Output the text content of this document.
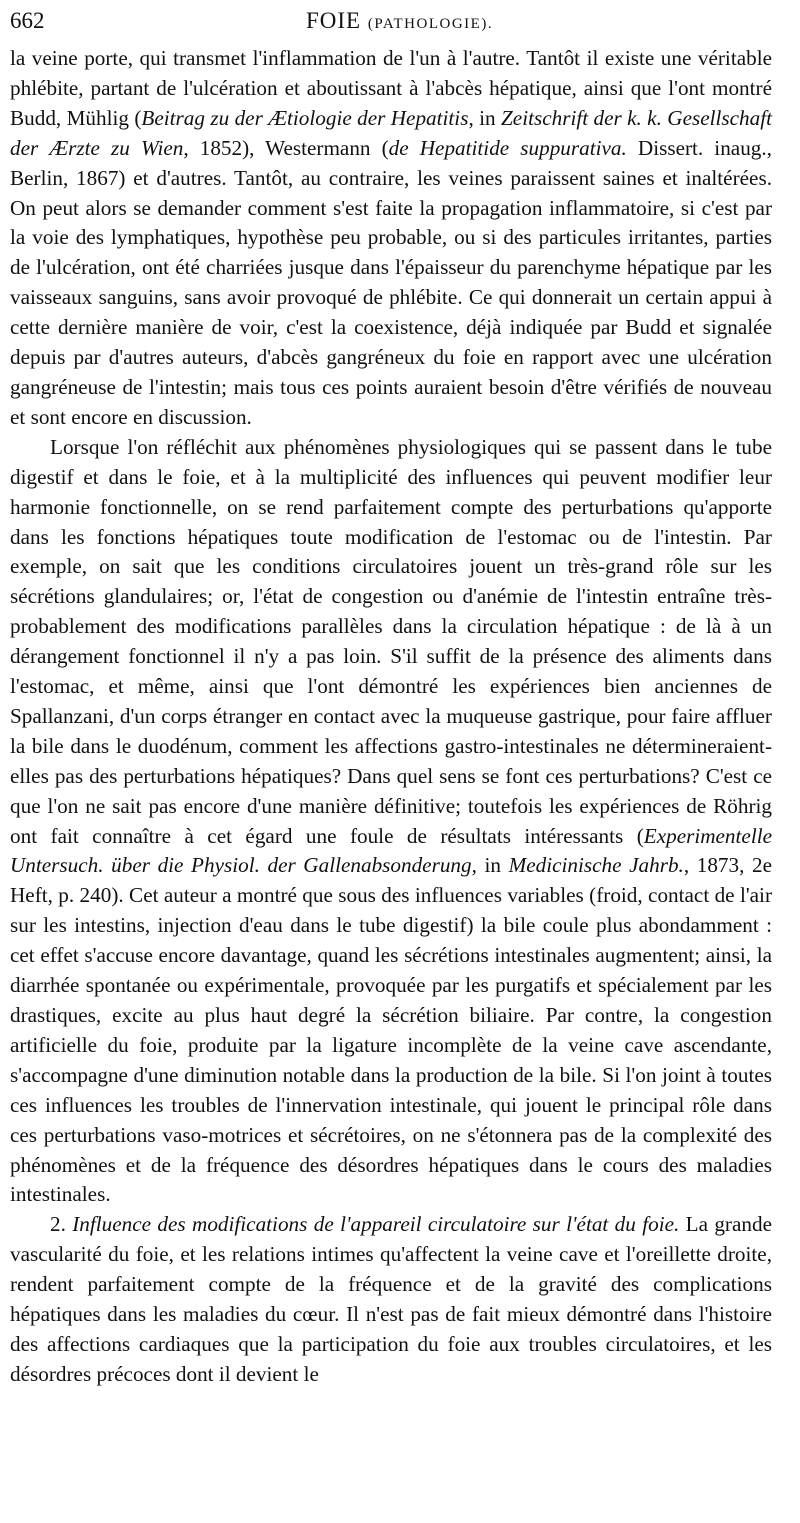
662	FOIE (PATHOLOGIE).

la veine porte, qui transmet l'inflammation de l'un à l'autre. Tantôt il existe une véritable phlébite, partant de l'ulcération et aboutissant à l'abcès hépatique, ainsi que l'ont montré Budd, Mühlig (Beitrag zu der Ætiologie der Hepatitis, in Zeitschrift der k. k. Gesellschaft der Ærzte zu Wien, 1852), Westermann (de Hepatitide suppurativa. Dissert. inaug., Berlin, 1867) et d'autres. Tantôt, au contraire, les veines paraissent saines et inaltérées. On peut alors se demander comment s'est faite la propagation inflammatoire, si c'est par la voie des lymphatiques, hypothèse peu probable, ou si des particules irritantes, parties de l'ulcération, ont été charriées jusque dans l'épaisseur du parenchyme hépatique par les vaisseaux sanguins, sans avoir provoqué de phlébite. Ce qui donnerait un certain appui à cette dernière manière de voir, c'est la coexistence, déjà indiquée par Budd et signalée depuis par d'autres auteurs, d'abcès gangréneux du foie en rapport avec une ulcération gangréneuse de l'intestin; mais tous ces points auraient besoin d'être vérifiés de nouveau et sont encore en discussion.

Lorsque l'on réfléchit aux phénomènes physiologiques qui se passent dans le tube digestif et dans le foie, et à la multiplicité des influences qui peuvent modifier leur harmonie fonctionnelle, on se rend parfaitement compte des perturbations qu'apporte dans les fonctions hépatiques toute modification de l'estomac ou de l'intestin. Par exemple, on sait que les conditions circulatoires jouent un très-grand rôle sur les sécrétions glandulaires; or, l'état de congestion ou d'anémie de l'intestin entraîne très-probablement des modifications parallèles dans la circulation hépatique : de là à un dérangement fonctionnel il n'y a pas loin. S'il suffit de la présence des aliments dans l'estomac, et même, ainsi que l'ont démontré les expériences bien anciennes de Spallanzani, d'un corps étranger en contact avec la muqueuse gastrique, pour faire affluer la bile dans le duodénum, comment les affections gastro-intestinales ne détermineraient-elles pas des perturbations hépatiques? Dans quel sens se font ces perturbations? C'est ce que l'on ne sait pas encore d'une manière définitive; toutefois les expériences de Röhrig ont fait connaître à cet égard une foule de résultats intéressants (Experimentelle Untersuch. über die Physiol. der Gallenabsonderung, in Medicinische Jahrb., 1873, 2e Heft, p. 240). Cet auteur a montré que sous des influences variables (froid, contact de l'air sur les intestins, injection d'eau dans le tube digestif) la bile coule plus abondamment : cet effet s'accuse encore davantage, quand les sécrétions intestinales augmentent; ainsi, la diarrhée spontanée ou expérimentale, provoquée par les purgatifs et spécialement par les drastiques, excite au plus haut degré la sécrétion biliaire. Par contre, la congestion artificielle du foie, produite par la ligature incomplète de la veine cave ascendante, s'accompagne d'une diminution notable dans la production de la bile. Si l'on joint à toutes ces influences les troubles de l'innervation intestinale, qui jouent le principal rôle dans ces perturbations vaso-motrices et sécrétoires, on ne s'étonnera pas de la complexité des phénomènes et de la fréquence des désordres hépatiques dans le cours des maladies intestinales.

2. Influence des modifications de l'appareil circulatoire sur l'état du foie. La grande vascularité du foie, et les relations intimes qu'affectent la veine cave et l'oreillette droite, rendent parfaitement compte de la fréquence et de la gravité des complications hépatiques dans les maladies du cœur. Il n'est pas de fait mieux démontré dans l'histoire des affections cardiaques que la participation du foie aux troubles circulatoires, et les désordres précoces dont il devient le
